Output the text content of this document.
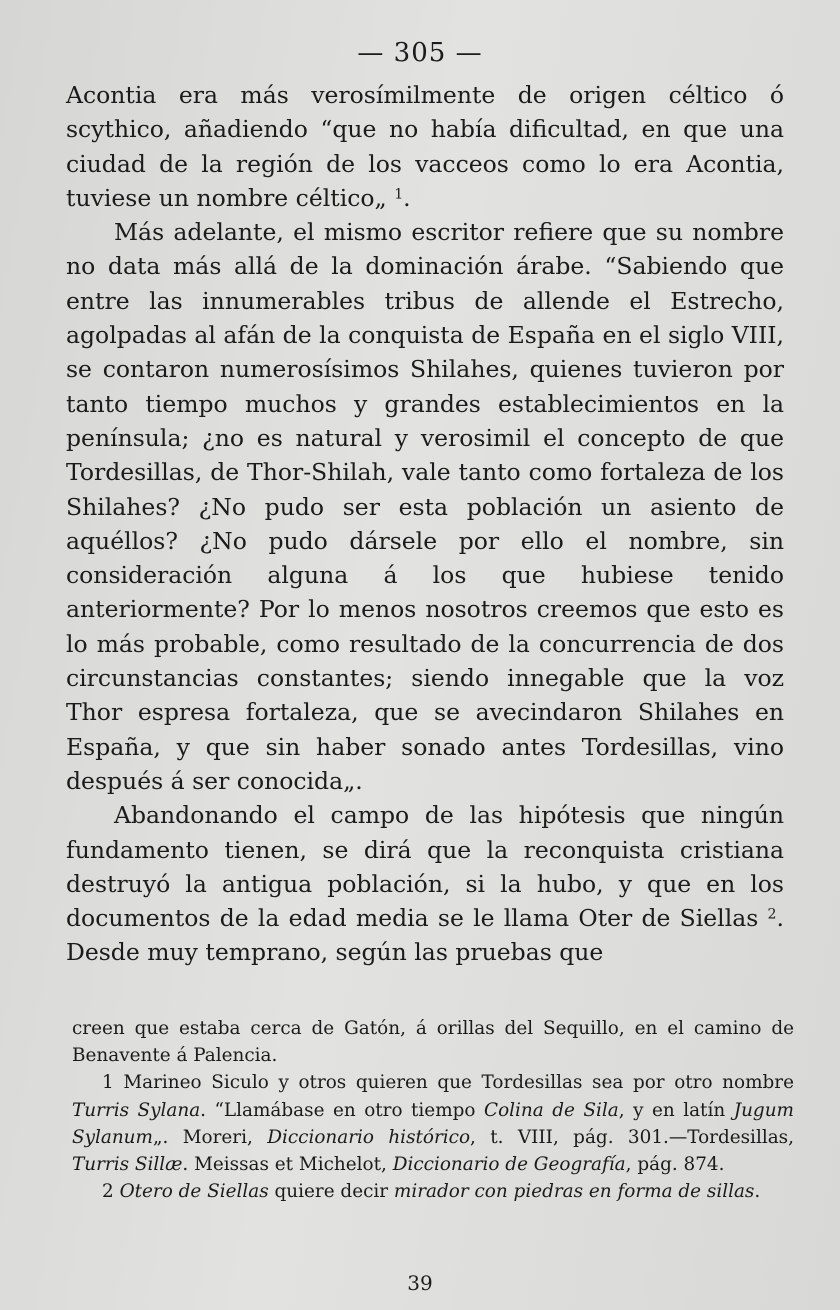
— 305 —

Acontia era más verosímilmente de origen céltico ó scythico, añadiendo “que no había dificultad, en que una ciudad de la región de los vacceos como lo era Acontia, tuviese un nombre céltico„ $^1$.

Más adelante, el mismo escritor refiere que su nombre no data más allá de la dominación árabe. “Sabiendo que entre las innumerables tribus de allende el Estrecho, agolpadas al afán de la conquista de España en el siglo VIII, se contaron numerosísimos Shilahes, quienes tuvieron por tanto tiempo muchos y grandes establecimientos en la península; ¿no es natural y verosimil el concepto de que Tordesillas, de Thor-Shilah, vale tanto como fortaleza de los Shilahes? ¿No pudo ser esta población un asiento de aquéllos? ¿No pudo dársele por ello el nombre, sin consideración alguna á los que hubiese tenido anteriormente? Por lo menos nosotros creemos que esto es lo más probable, como resultado de la concurrencia de dos circunstancias constantes; siendo innegable que la voz Thor espresa fortaleza, que se avecindaron Shilahes en España, y que sin haber sonado antes Tordesillas, vino después á ser conocida„.

Abandonando el campo de las hipótesis que ningún fundamento tienen, se dirá que la reconquista cristiana destruyó la antigua población, si la hubo, y que en los documentos de la edad media se le llama Oter de Siellas $^2$. Desde muy temprano, según las pruebas que

creen que estaba cerca de Gatón, á orillas del Sequillo, en el camino de Benavente á Palencia.

1 Marineo Siculo y otros quieren que Tordesillas sea por otro nombre Turris Sylana. “Llamábase en otro tiempo Colina de Sila, y en latín Jugum Sylanum„. Moreri, Diccionario histórico, t. VIII, pág. 301.—Tordesillas, Turris Sillæ. Meissas et Michelot, Diccionario de Geografía, pág. 874.

2 Otero de Siellas quiere decir mirador con piedras en forma de sillas.

39
